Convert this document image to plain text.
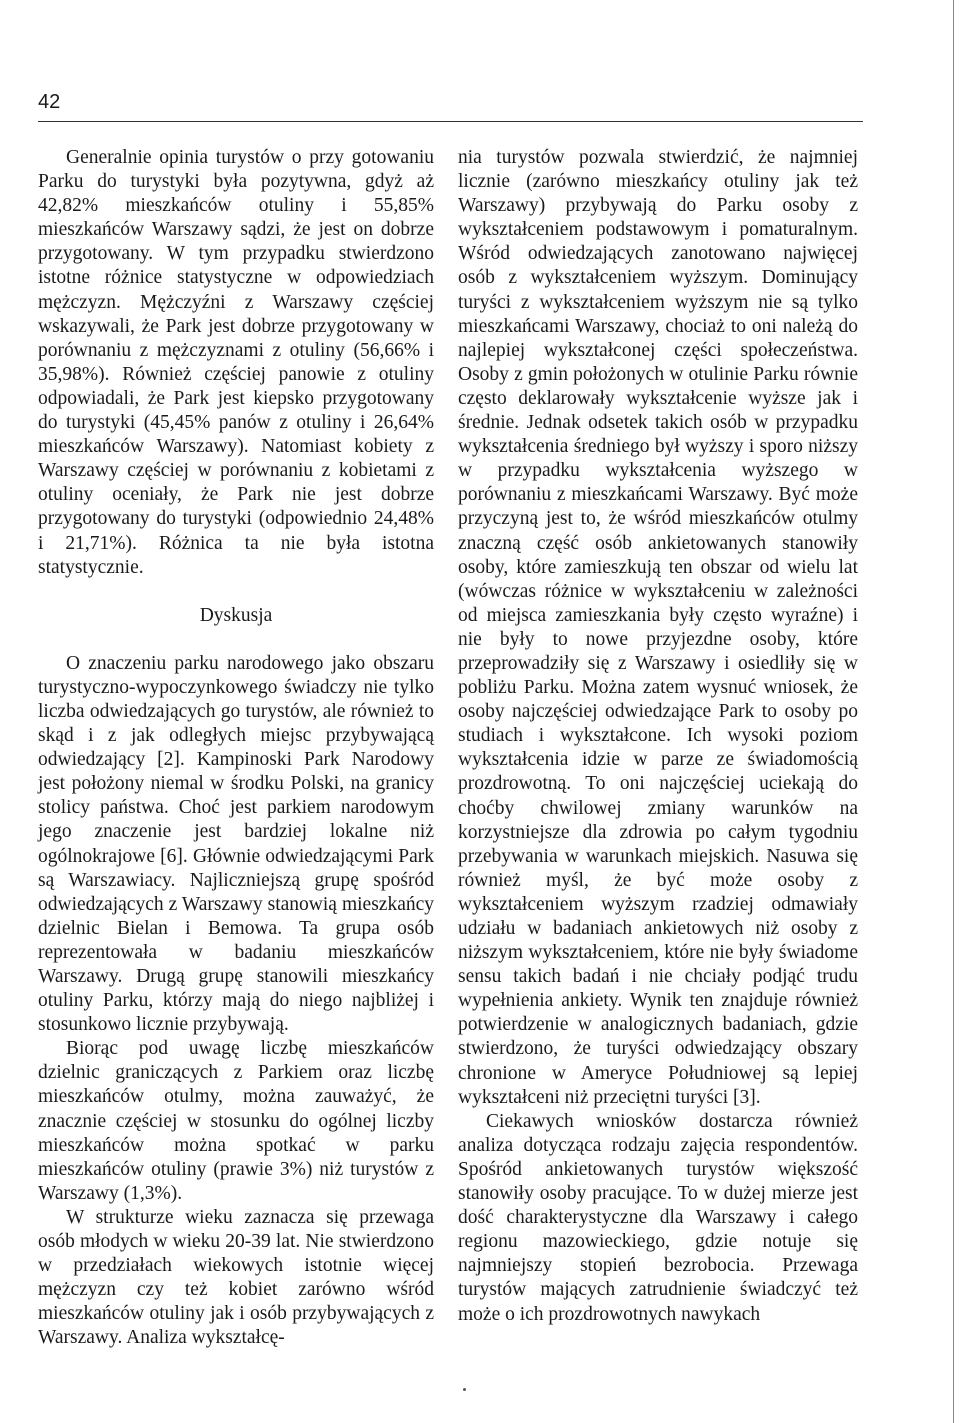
42

Generalnie opinia turystów o przy gotowaniu Parku do turystyki była pozytywna, gdyż aż 42,82% mieszkańców otuliny i 55,85% mieszkańców Warszawy sądzi, że jest on dobrze przygotowany. W tym przypadku stwierdzono istotne różnice statystyczne w odpowiedziach mężczyzn. Mężczyźni z Warszawy częściej wskazywali, że Park jest dobrze przygotowany w porównaniu z mężczyznami z otuliny (56,66% i 35,98%). Również częściej panowie z otuliny odpowiadali, że Park jest kiepsko przygotowany do turystyki (45,45% panów z otuliny i 26,64% mieszkańców Warszawy). Natomiast kobiety z Warszawy częściej w porównaniu z kobietami z otuliny oceniały, że Park nie jest dobrze przygotowany do turystyki (odpowiednio 24,48% i 21,71%). Różnica ta nie była istotna statystycznie.

Dyskusja

O znaczeniu parku narodowego jako obszaru turystyczno-wypoczynkowego świadczy nie tylko liczba odwiedzających go turystów, ale również to skąd i z jak odległych miejsc przybywającą odwiedzający [2]. Kampinoski Park Narodowy jest położony niemal w środku Polski, na granicy stolicy państwa. Choć jest parkiem narodowym jego znaczenie jest bardziej lokalne niż ogólnokrajowe [6]. Głównie odwiedzającymi Park są Warszawiacy. Najliczniejszą grupę spośród odwiedzających z Warszawy stanowią mieszkańcy dzielnic Bielan i Bemowa. Ta grupa osób reprezentowała w badaniu mieszkańców Warszawy. Drugą grupę stanowili mieszkańcy otuliny Parku, którzy mają do niego najbliżej i stosunkowo licznie przybywają.

Biorąc pod uwagę liczbę mieszkańców dzielnic graniczących z Parkiem oraz liczbę mieszkańców otulmy, można zauważyć, że znacznie częściej w stosunku do ogólnej liczby mieszkańców można spotkać w parku mieszkańców otuliny (prawie 3%) niż turystów z Warszawy (1,3%).

W strukturze wieku zaznacza się przewaga osób młodych w wieku 20-39 lat. Nie stwierdzono w przedziałach wiekowych istotnie więcej mężczyzn czy też kobiet zarówno wśród mieszkańców otuliny jak i osób przybywających z Warszawy. Analiza wykształcę-

nia turystów pozwala stwierdzić, że najmniej licznie (zarówno mieszkańcy otuliny jak też Warszawy) przybywają do Parku osoby z wykształceniem podstawowym i pomaturalnym. Wśród odwiedzających zanotowano najwięcej osób z wykształceniem wyższym. Dominujący turyści z wykształceniem wyższym nie są tylko mieszkańcami Warszawy, chociaż to oni należą do najlepiej wykształconej części społeczeństwa. Osoby z gmin położonych w otulinie Parku równie często deklarowały wykształcenie wyższe jak i średnie. Jednak odsetek takich osób w przypadku wykształcenia średniego był wyższy i sporo niższy w przypadku wykształcenia wyższego w porównaniu z mieszkańcami Warszawy. Być może przyczyną jest to, że wśród mieszkańców otulmy znaczną część osób ankietowanych stanowiły osoby, które zamieszkują ten obszar od wielu lat (wówczas różnice w wykształceniu w zależności od miejsca zamieszkania były często wyraźne) i nie były to nowe przyjezdne osoby, które przeprowadziły się z Warszawy i osiedliły się w pobliżu Parku. Można zatem wysnuć wniosek, że osoby najczęściej odwiedzające Park to osoby po studiach i wykształcone. Ich wysoki poziom wykształcenia idzie w parze ze świadomością prozdrowotną. To oni najczęściej uciekają do choćby chwilowej zmiany warunków na korzystniejsze dla zdrowia po całym tygodniu przebywania w warunkach miejskich. Nasuwa się również myśl, że być może osoby z wykształceniem wyższym rzadziej odmawiały udziału w badaniach ankietowych niż osoby z niższym wykształceniem, które nie były świadome sensu takich badań i nie chciały podjąć trudu wypełnienia ankiety. Wynik ten znajduje również potwierdzenie w analogicznych badaniach, gdzie stwierdzono, że turyści odwiedzający obszary chronione w Ameryce Południowej są lepiej wykształceni niż przeciętni turyści [3].

Ciekawych wniosków dostarcza również analiza dotycząca rodzaju zajęcia respondentów. Spośród ankietowanych turystów większość stanowiły osoby pracujące. To w dużej mierze jest dość charakterystyczne dla Warszawy i całego regionu mazowieckiego, gdzie notuje się najmniejszy stopień bezrobocia. Przewaga turystów mających zatrudnienie świadczyć też może o ich prozdrowotnych nawykach
